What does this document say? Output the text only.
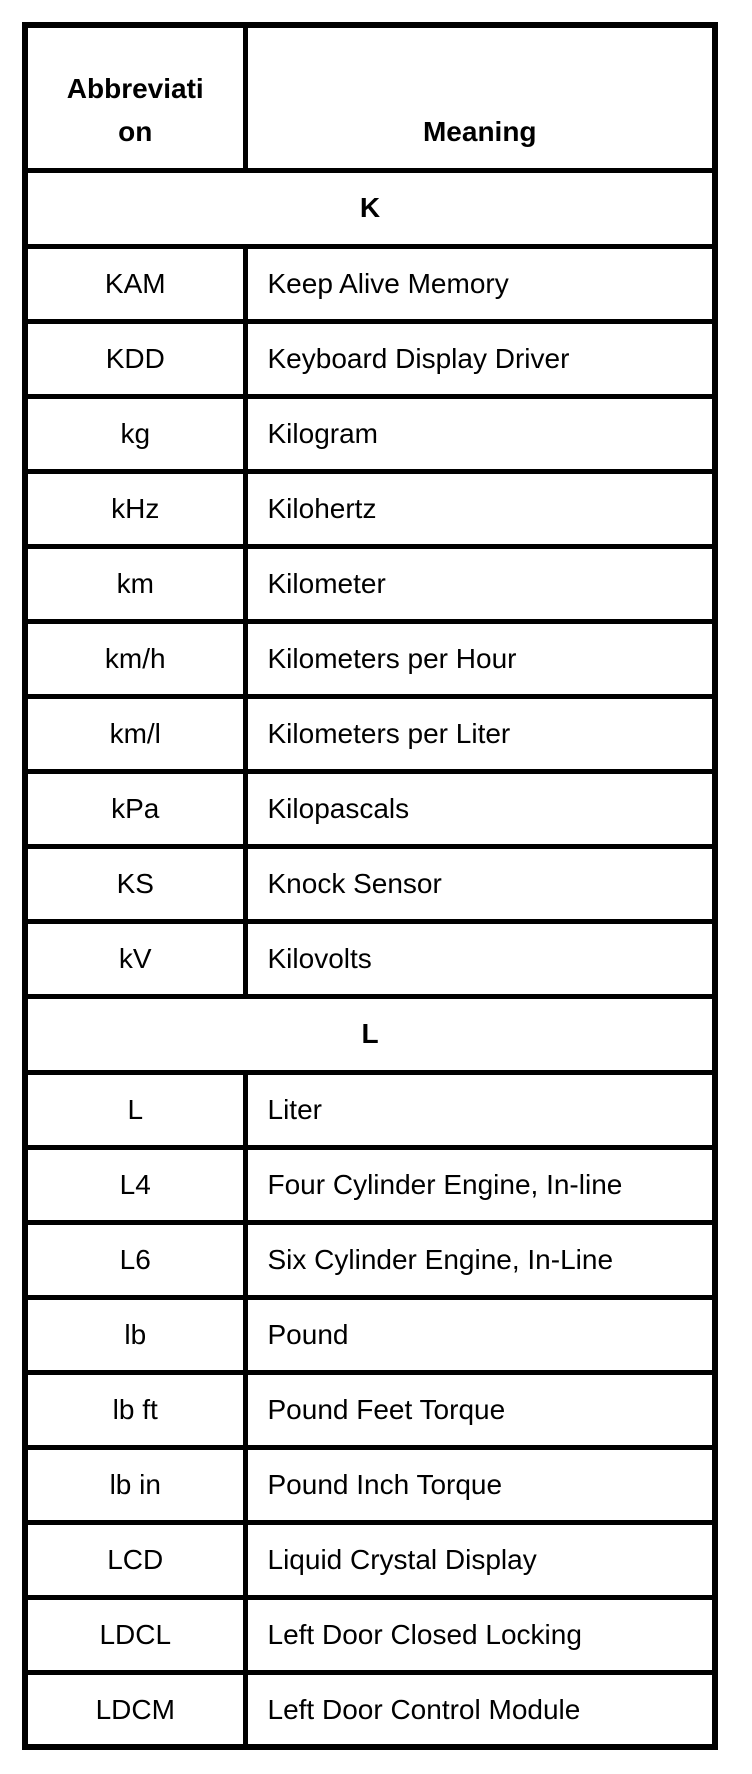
Abbreviation	Meaning
K	
KAM	Keep Alive Memory
KDD	Keyboard Display Driver
kg	Kilogram
kHz	Kilohertz
km	Kilometer
km/h	Kilometers per Hour
km/l	Kilometers per Liter
kPa	Kilopascals
KS	Knock Sensor
kV	Kilovolts
L	
L	Liter
L4	Four Cylinder Engine, In-line
L6	Six Cylinder Engine, In-Line
lb	Pound
lb ft	Pound Feet Torque
lb in	Pound Inch Torque
LCD	Liquid Crystal Display
LDCL	Left Door Closed Locking
LDCM	Left Door Control Module
